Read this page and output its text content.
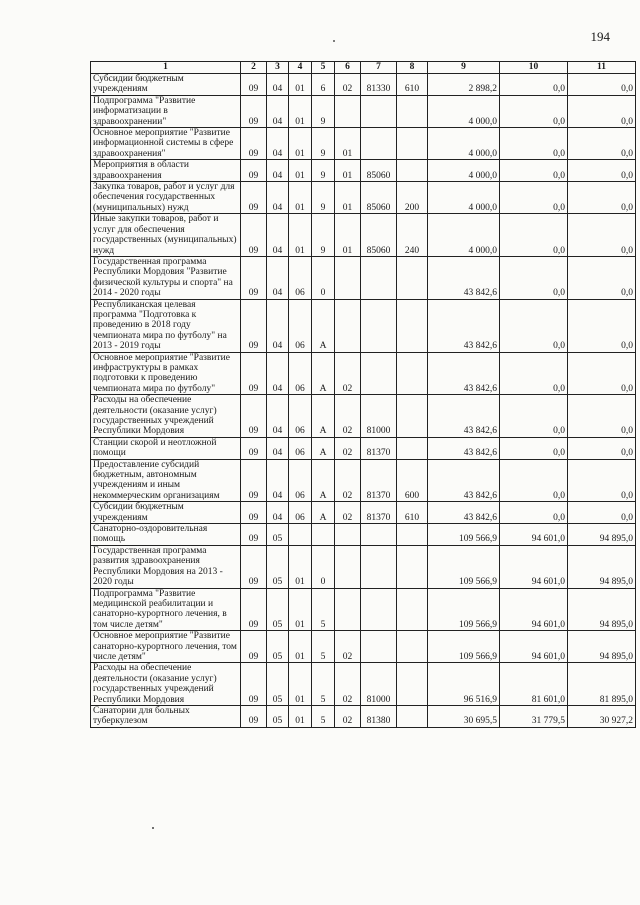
194
1	2	3	4	5	6	7	8	9	10	11
Субсидии бюджетным учреждениям	09	04	01	6	02	81330	610	2 898,2	0,0	0,0
Подпрограмма "Развитие информатизации в здравоохранении"	09	04	01	9				4 000,0	0,0	0,0
Основное мероприятие "Развитие информационной системы в сфере здравоохранения"	09	04	01	9	01			4 000,0	0,0	0,0
Мероприятия в области здравоохранения	09	04	01	9	01	85060		4 000,0	0,0	0,0
Закупка товаров, работ и услуг для обеспечения государственных (муниципальных) нужд	09	04	01	9	01	85060	200	4 000,0	0,0	0,0
Иные закупки товаров, работ и услуг для обеспечения государственных (муниципальных) нужд	09	04	01	9	01	85060	240	4 000,0	0,0	0,0
Государственная программа Республики Мордовия "Развитие физической культуры и спорта" на 2014 - 2020 годы	09	04	06	0				43 842,6	0,0	0,0
Республиканская целевая программа "Подготовка к проведению в 2018 году чемпионата мира по футболу" на 2013 - 2019 годы	09	04	06	А				43 842,6	0,0	0,0
Основное мероприятие "Развитие инфраструктуры в рамках подготовки к проведению чемпионата мира по футболу"	09	04	06	А	02			43 842,6	0,0	0,0
Расходы на обеспечение деятельности (оказание услуг) государственных учреждений Республики Мордовия	09	04	06	А	02	81000		43 842,6	0,0	0,0
Станции скорой и неотложной помощи	09	04	06	А	02	81370		43 842,6	0,0	0,0
Предоставление субсидий бюджетным, автономным учреждениям и иным некоммерческим организациям	09	04	06	А	02	81370	600	43 842,6	0,0	0,0
Субсидии бюджетным учреждениям	09	04	06	А	02	81370	610	43 842,6	0,0	0,0
Санаторно-оздоровительная помощь	09	05						109 566,9	94 601,0	94 895,0
Государственная программа развития здравоохранения Республики Мордовия на 2013 - 2020 годы	09	05	01	0				109 566,9	94 601,0	94 895,0
Подпрограмма "Развитие медицинской реабилитации и санаторно-курортного лечения, в том числе детям"	09	05	01	5				109 566,9	94 601,0	94 895,0
Основное мероприятие "Развитие санаторно-курортного лечения, том числе детям"	09	05	01	5	02			109 566,9	94 601,0	94 895,0
Расходы на обеспечение деятельности (оказание услуг) государственных учреждений Республики Мордовия	09	05	01	5	02	81000		96 516,9	81 601,0	81 895,0
Санатории для больных туберкулезом	09	05	01	5	02	81380		30 695,5	31 779,5	30 927,2
